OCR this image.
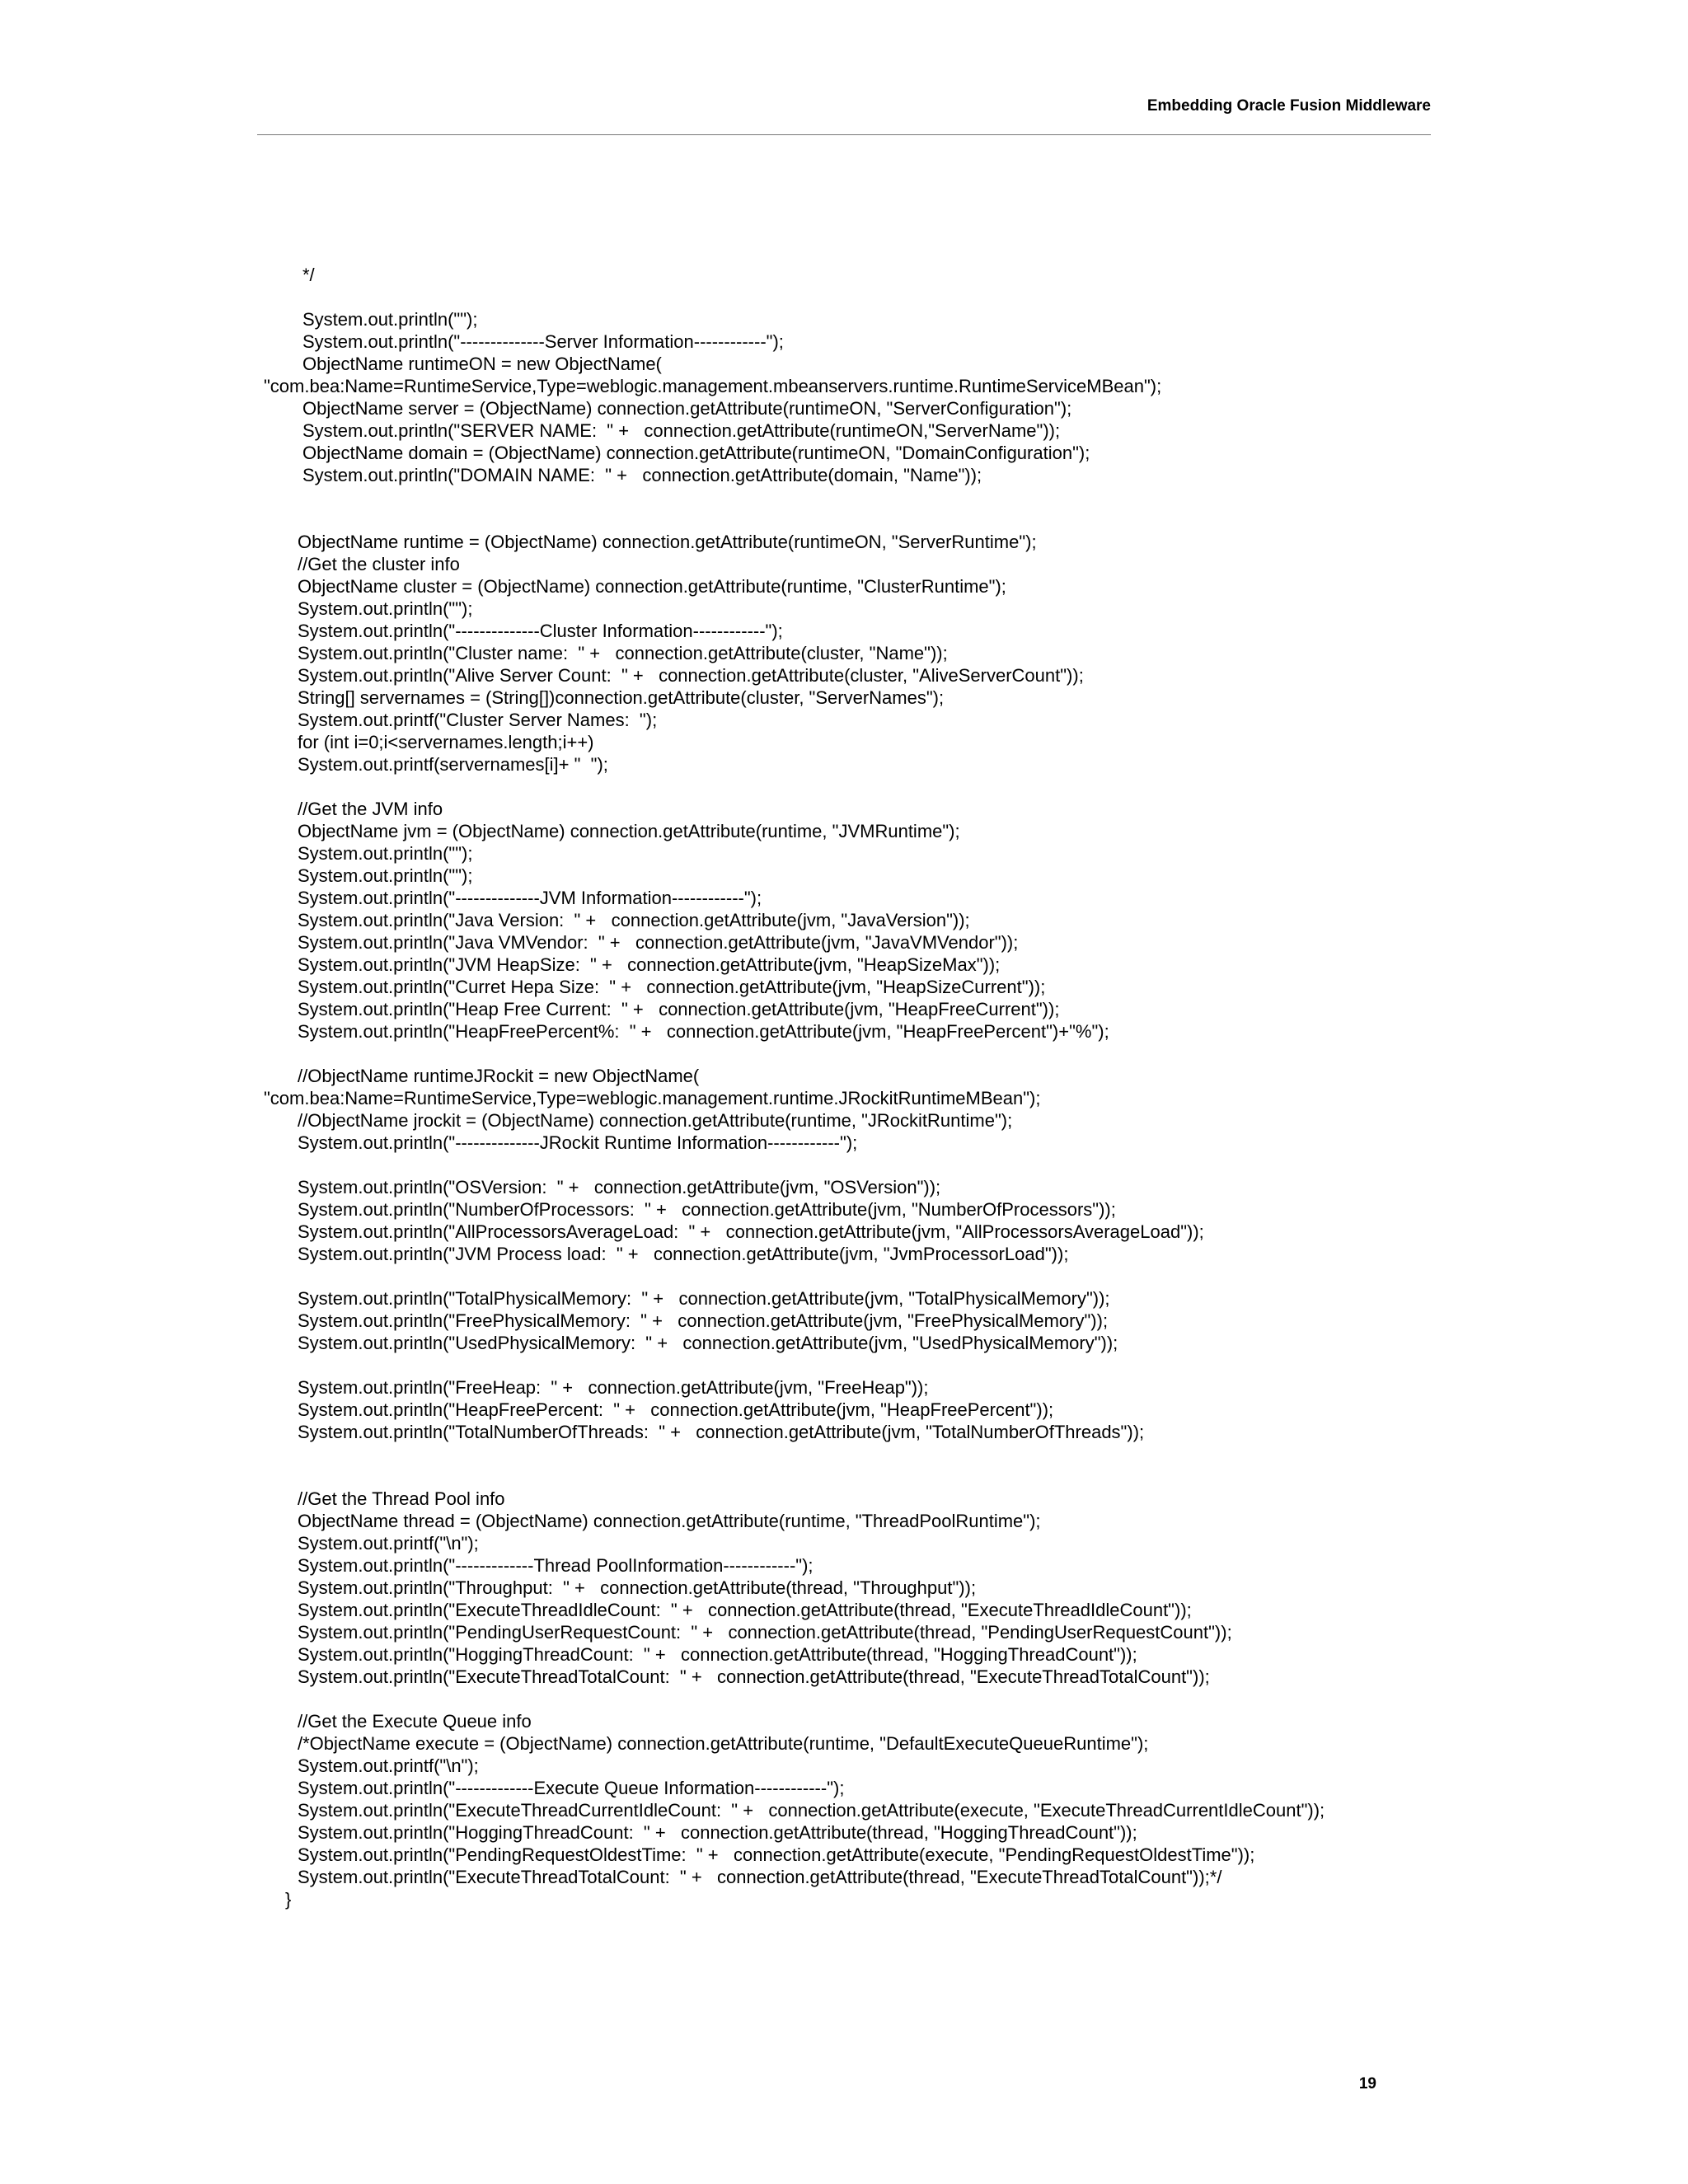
Embedding Oracle Fusion Middleware
*/
System.out.println("");
System.out.println("--------------Server Information------------");
ObjectName runtimeON = new ObjectName(
"com.bea:Name=RuntimeService,Type=weblogic.management.mbeanservers.runtime.RuntimeServiceMBean");
ObjectName server = (ObjectName) connection.getAttribute(runtimeON, "ServerConfiguration");
System.out.println("SERVER NAME:  " +   connection.getAttribute(runtimeON,"ServerName"));
ObjectName domain = (ObjectName) connection.getAttribute(runtimeON, "DomainConfiguration");
System.out.println("DOMAIN NAME:  " +   connection.getAttribute(domain, "Name"));
ObjectName runtime = (ObjectName) connection.getAttribute(runtimeON, "ServerRuntime");
//Get the cluster info
ObjectName cluster = (ObjectName) connection.getAttribute(runtime, "ClusterRuntime");
System.out.println("");
System.out.println("--------------Cluster Information------------");
System.out.println("Cluster name:  " +   connection.getAttribute(cluster, "Name"));
System.out.println("Alive Server Count:  " +   connection.getAttribute(cluster, "AliveServerCount"));
String[] servernames = (String[])connection.getAttribute(cluster, "ServerNames");
System.out.printf("Cluster Server Names:  ");
for (int i=0;i<servernames.length;i++)
System.out.printf(servernames[i]+ "  ");
//Get the JVM info
ObjectName jvm = (ObjectName) connection.getAttribute(runtime, "JVMRuntime");
System.out.println("");
System.out.println("");
System.out.println("--------------JVM Information------------");
System.out.println("Java Version:  " +   connection.getAttribute(jvm, "JavaVersion"));
System.out.println("Java VMVendor:  " +   connection.getAttribute(jvm, "JavaVMVendor"));
System.out.println("JVM HeapSize:  " +   connection.getAttribute(jvm, "HeapSizeMax"));
System.out.println("Curret Hepa Size:  " +   connection.getAttribute(jvm, "HeapSizeCurrent"));
System.out.println("Heap Free Current:  " +   connection.getAttribute(jvm, "HeapFreeCurrent"));
System.out.println("HeapFreePercent%:  " +   connection.getAttribute(jvm, "HeapFreePercent")+"%");
//ObjectName runtimeJRockit = new ObjectName(
"com.bea:Name=RuntimeService,Type=weblogic.management.runtime.JRockitRuntimeMBean");
//ObjectName jrockit = (ObjectName) connection.getAttribute(runtime, "JRockitRuntime");
System.out.println("--------------JRockit Runtime Information------------");
System.out.println("OSVersion:  " +   connection.getAttribute(jvm, "OSVersion"));
System.out.println("NumberOfProcessors:  " +   connection.getAttribute(jvm, "NumberOfProcessors"));
System.out.println("AllProcessorsAverageLoad:  " +   connection.getAttribute(jvm, "AllProcessorsAverageLoad"));
System.out.println("JVM Process load:  " +   connection.getAttribute(jvm, "JvmProcessorLoad"));
System.out.println("TotalPhysicalMemory:  " +   connection.getAttribute(jvm, "TotalPhysicalMemory"));
System.out.println("FreePhysicalMemory:  " +   connection.getAttribute(jvm, "FreePhysicalMemory"));
System.out.println("UsedPhysicalMemory:  " +   connection.getAttribute(jvm, "UsedPhysicalMemory"));
System.out.println("FreeHeap:  " +   connection.getAttribute(jvm, "FreeHeap"));
System.out.println("HeapFreePercent:  " +   connection.getAttribute(jvm, "HeapFreePercent"));
System.out.println("TotalNumberOfThreads:  " +   connection.getAttribute(jvm, "TotalNumberOfThreads"));
//Get the Thread Pool info
ObjectName thread = (ObjectName) connection.getAttribute(runtime, "ThreadPoolRuntime");
System.out.printf("\n");
System.out.println("-------------Thread PoolInformation------------");
System.out.println("Throughput:  " +   connection.getAttribute(thread, "Throughput"));
System.out.println("ExecuteThreadIdleCount:  " +   connection.getAttribute(thread, "ExecuteThreadIdleCount"));
System.out.println("PendingUserRequestCount:  " +   connection.getAttribute(thread, "PendingUserRequestCount"));
System.out.println("HoggingThreadCount:  " +   connection.getAttribute(thread, "HoggingThreadCount"));
System.out.println("ExecuteThreadTotalCount:  " +   connection.getAttribute(thread, "ExecuteThreadTotalCount"));
//Get the Execute Queue info
/*ObjectName execute = (ObjectName) connection.getAttribute(runtime, "DefaultExecuteQueueRuntime");
System.out.printf("\n");
System.out.println("-------------Execute Queue Information------------");
System.out.println("ExecuteThreadCurrentIdleCount:  " +   connection.getAttribute(execute, "ExecuteThreadCurrentIdleCount"));
System.out.println("HoggingThreadCount:  " +   connection.getAttribute(thread, "HoggingThreadCount"));
System.out.println("PendingRequestOldestTime:  " +   connection.getAttribute(execute, "PendingRequestOldestTime"));
System.out.println("ExecuteThreadTotalCount:  " +   connection.getAttribute(thread, "ExecuteThreadTotalCount"));*/
}
19
